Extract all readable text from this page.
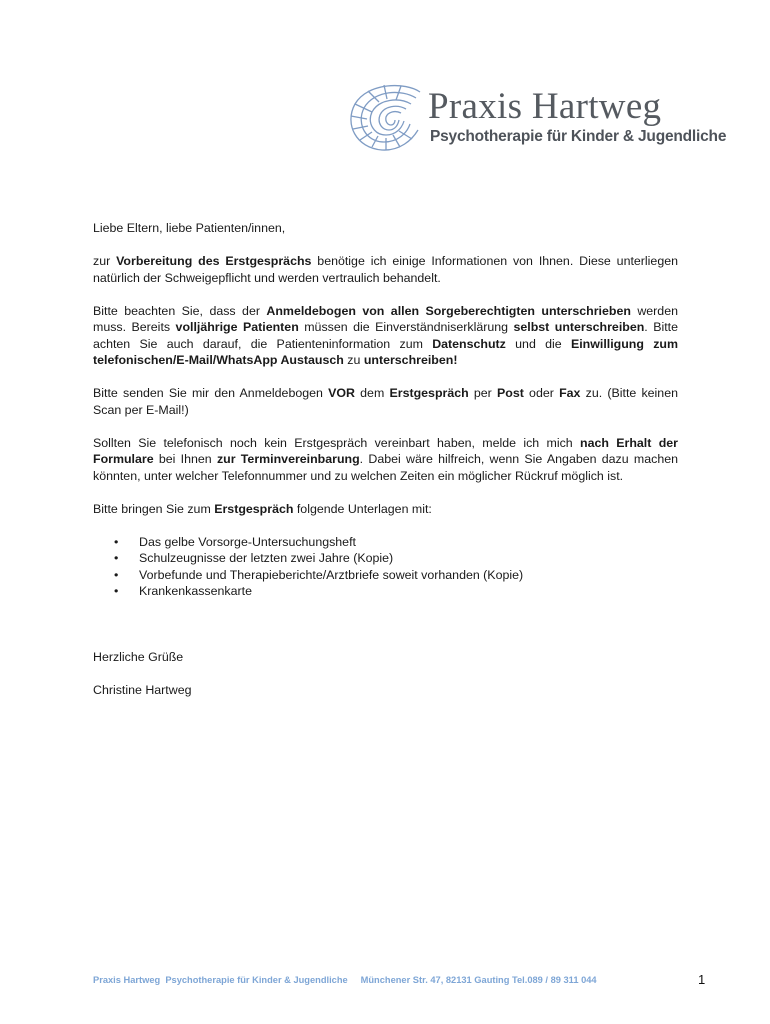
Praxis Hartweg
Psychotherapie für Kinder & Jugendliche

Liebe Eltern, liebe Patienten/innen,

zur Vorbereitung des Erstgesprächs benötige ich einige Informationen von Ihnen. Diese unterliegen natürlich der Schweigepflicht und werden vertraulich behandelt.

Bitte beachten Sie, dass der Anmeldebogen von allen Sorgeberechtigten unterschrieben werden muss. Bereits volljährige Patienten müssen die Einverständniserklärung selbst unterschreiben. Bitte achten Sie auch darauf, die Patienteninformation zum Datenschutz und die Einwilligung zum telefonischen/E-Mail/WhatsApp Austausch zu unterschreiben!

Bitte senden Sie mir den Anmeldebogen VOR dem Erstgespräch per Post oder Fax zu. (Bitte keinen Scan per E-Mail!)

Sollten Sie telefonisch noch kein Erstgespräch vereinbart haben, melde ich mich nach Erhalt der Formulare bei Ihnen zur Terminvereinbarung. Dabei wäre hilfreich, wenn Sie Angaben dazu machen könnten, unter welcher Telefonnummer und zu welchen Zeiten ein möglicher Rückruf möglich ist.

Bitte bringen Sie zum Erstgespräch folgende Unterlagen mit:

• Das gelbe Vorsorge-Untersuchungsheft
• Schulzeugnisse der letzten zwei Jahre (Kopie)
• Vorbefunde und Therapieberichte/Arztbriefe soweit vorhanden (Kopie)
• Krankenkassenkarte

Herzliche Grüße

Christine Hartweg

Praxis Hartweg  Psychotherapie für Kinder & Jugendliche     Münchener Str. 47, 82131 Gauting Tel.089 / 89 311 044	1
